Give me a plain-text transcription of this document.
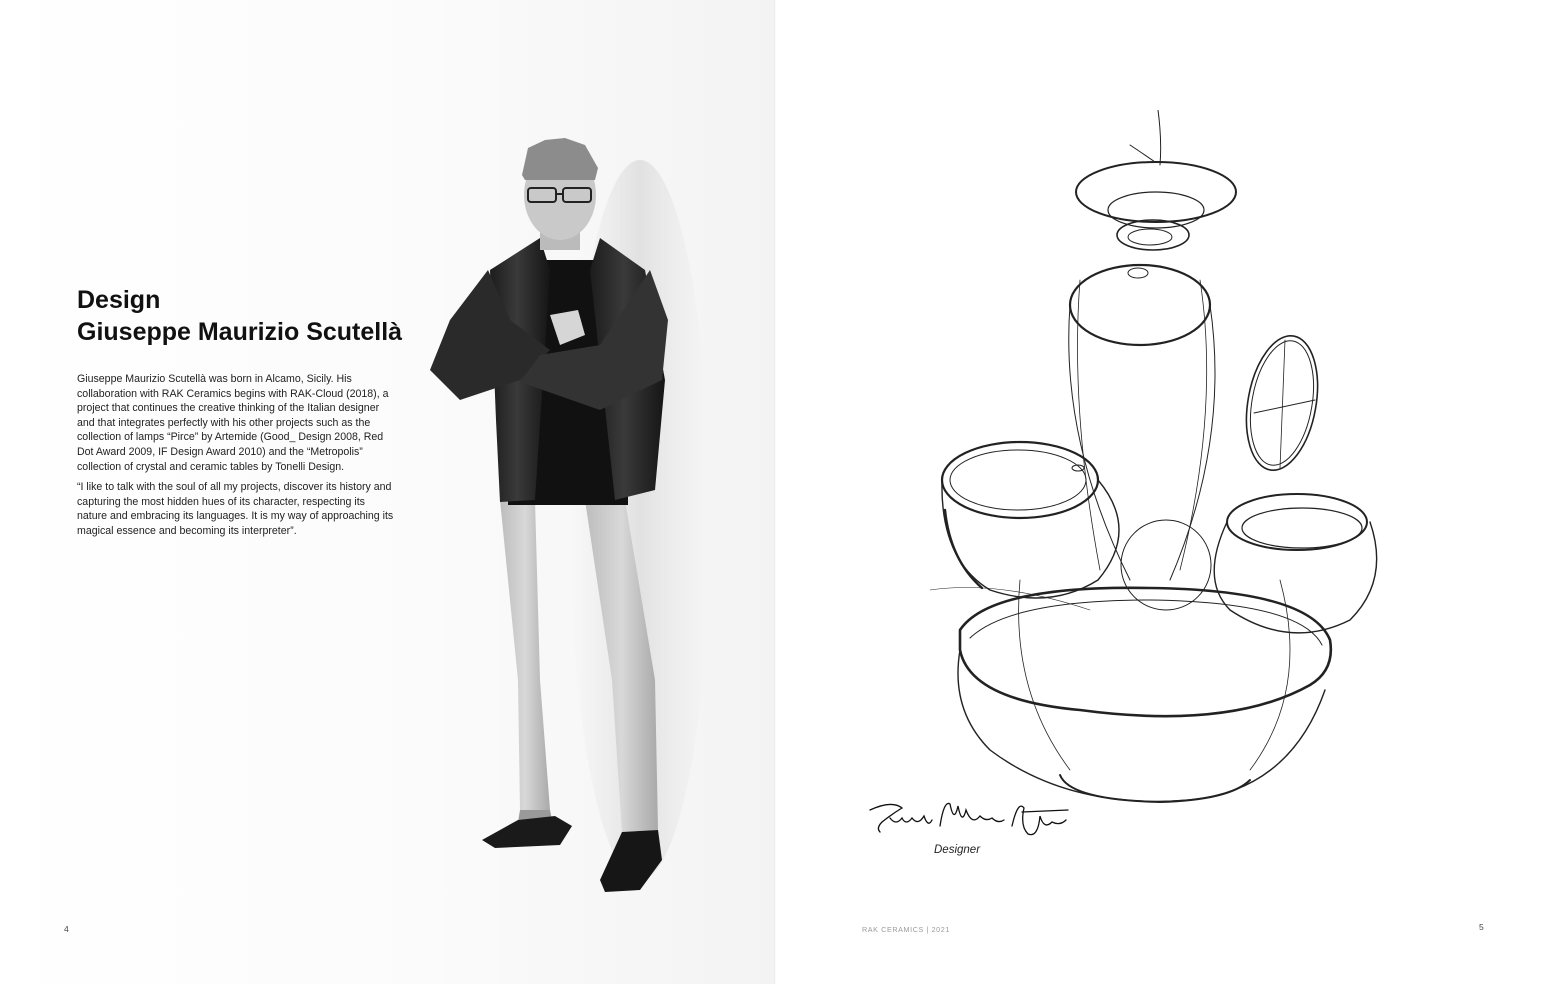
Design
Giuseppe Maurizio Scutellà

Giuseppe Maurizio Scutellà was born in Alcamo, Sicily. His collaboration with RAK Ceramics begins with RAK-Cloud (2018), a project that continues the creative thinking of the Italian designer and that integrates perfectly with his other projects such as the collection of lamps “Pirce” by Artemide (Good_ Design 2008, Red Dot Award 2009, IF Design Award 2010) and the “Metropolis” collection of crystal and ceramic tables by Tonelli Design.

“I like to talk with the soul of all my projects, discover its history and capturing the most hidden hues of its character, respecting its nature and embracing its languages. It is my way of approaching its magical essence and becoming its interpreter”.

Designer
4	RAK CERAMICS | 2021	5
